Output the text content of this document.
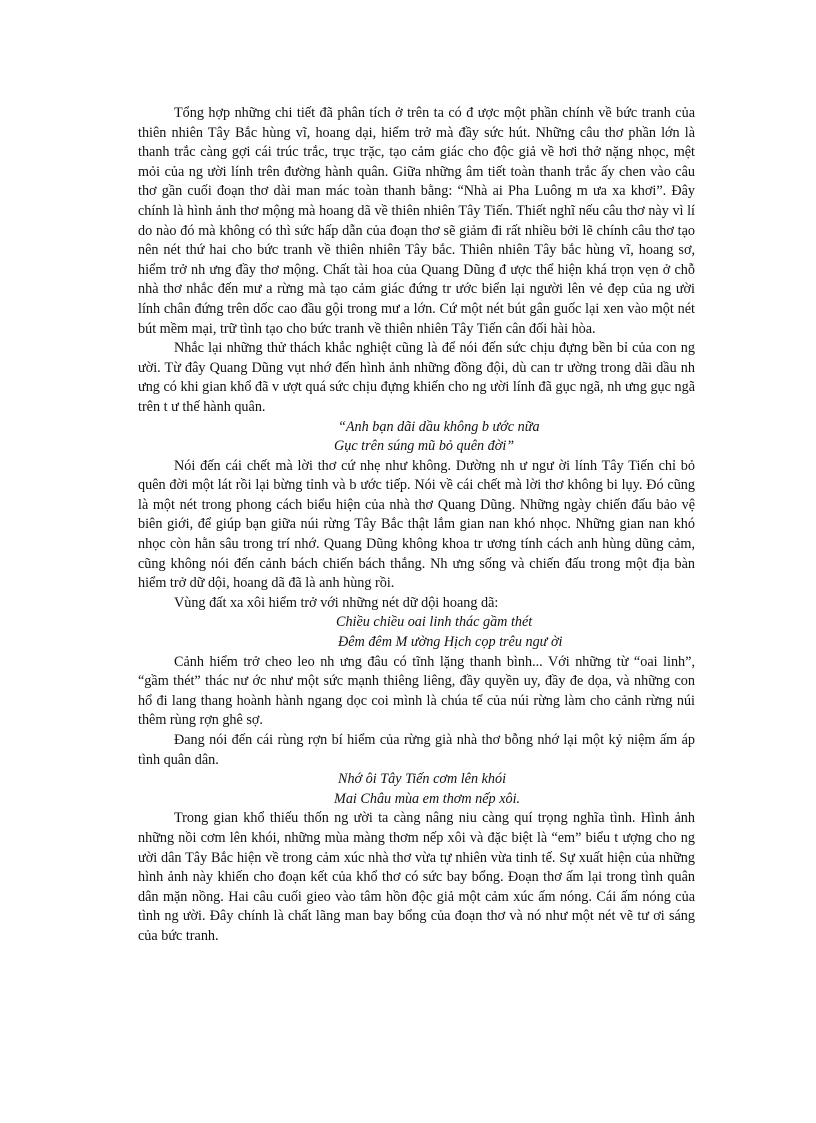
Tổng hợp những chi tiết đã phân tích ở trên ta có đ ược một phần chính về bức tranh của thiên nhiên Tây Bắc hùng vĩ, hoang dại, hiểm trở mà đầy sức hút. Những câu thơ phần lớn là thanh trắc càng gợi cái trúc trắc, trục trặc, tạo cảm giác cho độc giả về hơi thở nặng nhọc, mệt mỏi của ng ười lính trên đường hành quân. Giữa những âm tiết toàn thanh trắc ấy chen vào câu thơ gần cuối đoạn thơ dài man mác toàn thanh bằng: “Nhà ai Pha Luông m ưa xa khơi”. Đây chính là hình ảnh thơ mộng mà hoang dã về thiên nhiên Tây Tiến. Thiết nghĩ nếu câu thơ này vì lí do nào đó mà không có thì sức hấp dẫn của đoạn thơ sẽ giảm đi rất nhiều bởi lẽ chính câu thơ tạo nên nét thứ hai cho bức tranh về thiên nhiên Tây bắc. Thiên nhiên Tây bắc hùng vĩ, hoang sơ, hiểm trở nh ưng đầy thơ mộng. Chất tài hoa của Quang Dũng đ ược thể hiện khá trọn vẹn ở chỗ nhà thơ nhắc đến mư a rừng mà tạo cảm giác đứng tr ước biển lại người lên vẻ đẹp của ng ười lính chân đứng trên dốc cao đầu gội trong mư a lớn. Cứ một nét bút gân guốc lại xen vào một nét bút mềm mại, trữ tình tạo cho bức tranh về thiên nhiên Tây Tiến cân đối hài hòa.

Nhắc lại những thử thách khắc nghiệt cũng là để nói đến sức chịu đựng bền bỉ của con ng ười. Từ đây Quang Dũng vụt nhớ đến hình ảnh những đồng đội, dù can tr ường trong dãi dầu nh ưng có khi gian khổ đã v ượt quá sức chịu đựng khiến cho ng ười lính đã gục ngã, nh ưng gục ngã trên t ư thế hành quân.

“Anh bạn dãi dầu không b ước nữa
Gục trên súng mũ bỏ quên đời”

Nói đến cái chết mà lời thơ cứ nhẹ như không. Dường nh ư ngư ời lính Tây Tiến chỉ bỏ quên đời một lát rồi lại bừng tỉnh và b ước tiếp. Nói về cái chết mà lời thơ không bi lụy. Đó cũng là một nét trong phong cách biểu hiện của nhà thơ Quang Dũng. Những ngày chiến đấu bảo vệ biên giới, để giúp bạn giữa núi rừng Tây Bắc thật lắm gian nan khó nhọc. Những gian nan khó nhọc còn hằn sâu trong trí nhớ. Quang Dũng không khoa tr ương tính cách anh hùng dũng cảm, cũng không nói đến cảnh bách chiến bách thắng. Nh ưng sống và chiến đấu trong một địa bàn hiểm trở dữ dội, hoang dã đã là anh hùng rồi.

Vùng đất xa xôi hiểm trở với những nét dữ dội hoang dã:

Chiều chiều oai linh thác gầm thét
Đêm đêm M ường Hịch cọp trêu ngư ời

Cảnh hiểm trở cheo leo nh ưng đâu có tĩnh lặng thanh bình... Với những từ “oai linh”, “gầm thét” thác nư ớc như một sức mạnh thiêng liêng, đầy quyền uy, đầy đe dọa, và những con hổ đi lang thang hoành hành ngang dọc coi mình là chúa tể của núi rừng làm cho cảnh rừng núi thêm rùng rợn ghê sợ.

Đang nói đến cái rùng rợn bí hiểm của rừng già nhà thơ bỗng nhớ lại một kỷ niệm ấm áp tình quân dân.

Nhớ ôi Tây Tiến cơm lên khói
Mai Châu mùa em thơm nếp xôi.

Trong gian khổ thiếu thốn ng ười ta càng nâng niu càng quí trọng nghĩa tình. Hình ảnh những nồi cơm lên khói, những mùa màng thơm nếp xôi và đặc biệt là “em” biểu t ượng cho ng ười dân Tây Bắc hiện về trong cảm xúc nhà thơ vừa tự nhiên vừa tinh tế. Sự xuất hiện của những hình ảnh này khiến cho đoạn kết của khổ thơ có sức bay bổng. Đoạn thơ ấm lại trong tình quân dân mặn nồng. Hai câu cuối gieo vào tâm hồn độc giả một cảm xúc ấm nóng. Cái ấm nóng của tình ng ười. Đây chính là chất lãng man bay bổng của đoạn thơ và nó như một nét vẽ tư ơi sáng của bức tranh.
